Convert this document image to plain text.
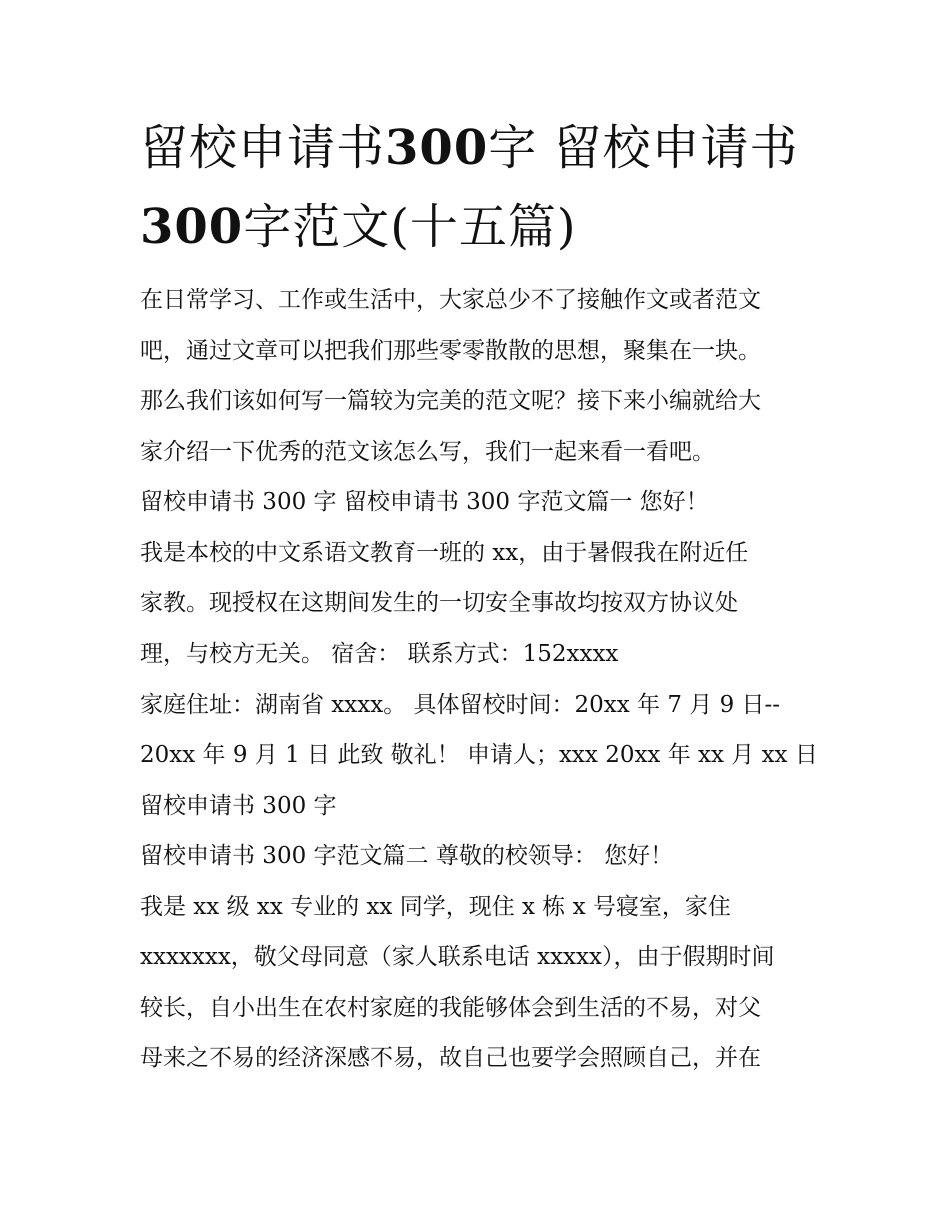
留校申请书300字 留校申请书
300字范文(十五篇)

在日常学习、工作或生活中，大家总少不了接触作文或者范文

吧，通过文章可以把我们那些零零散散的思想，聚集在一块。

那么我们该如何写一篇较为完美的范文呢？接下来小编就给大

家介绍一下优秀的范文该怎么写，我们一起来看一看吧。

留校申请书 300 字 留校申请书 300 字范文篇一 您好！

我是本校的中文系语文教育一班的 xx，由于暑假我在附近任

家教。现授权在这期间发生的一切安全事故均按双方协议处

理，与校方无关。 宿舍： 联系方式：152xxxx

家庭住址：湖南省 xxxx。 具体留校时间：20xx 年 7 月 9 日--

20xx 年 9 月 1 日 此致 敬礼！ 申请人；xxx 20xx 年 xx 月 xx 日

留校申请书 300 字

留校申请书 300 字范文篇二 尊敬的校领导： 您好！

我是 xx 级 xx 专业的 xx 同学，现住 x 栋 x 号寝室，家住

xxxxxxx，敬父母同意（家人联系电话 xxxxx），由于假期时间

较长，自小出生在农村家庭的我能够体会到生活的不易，对父

母来之不易的经济深感不易，故自己也要学会照顾自己，并在
